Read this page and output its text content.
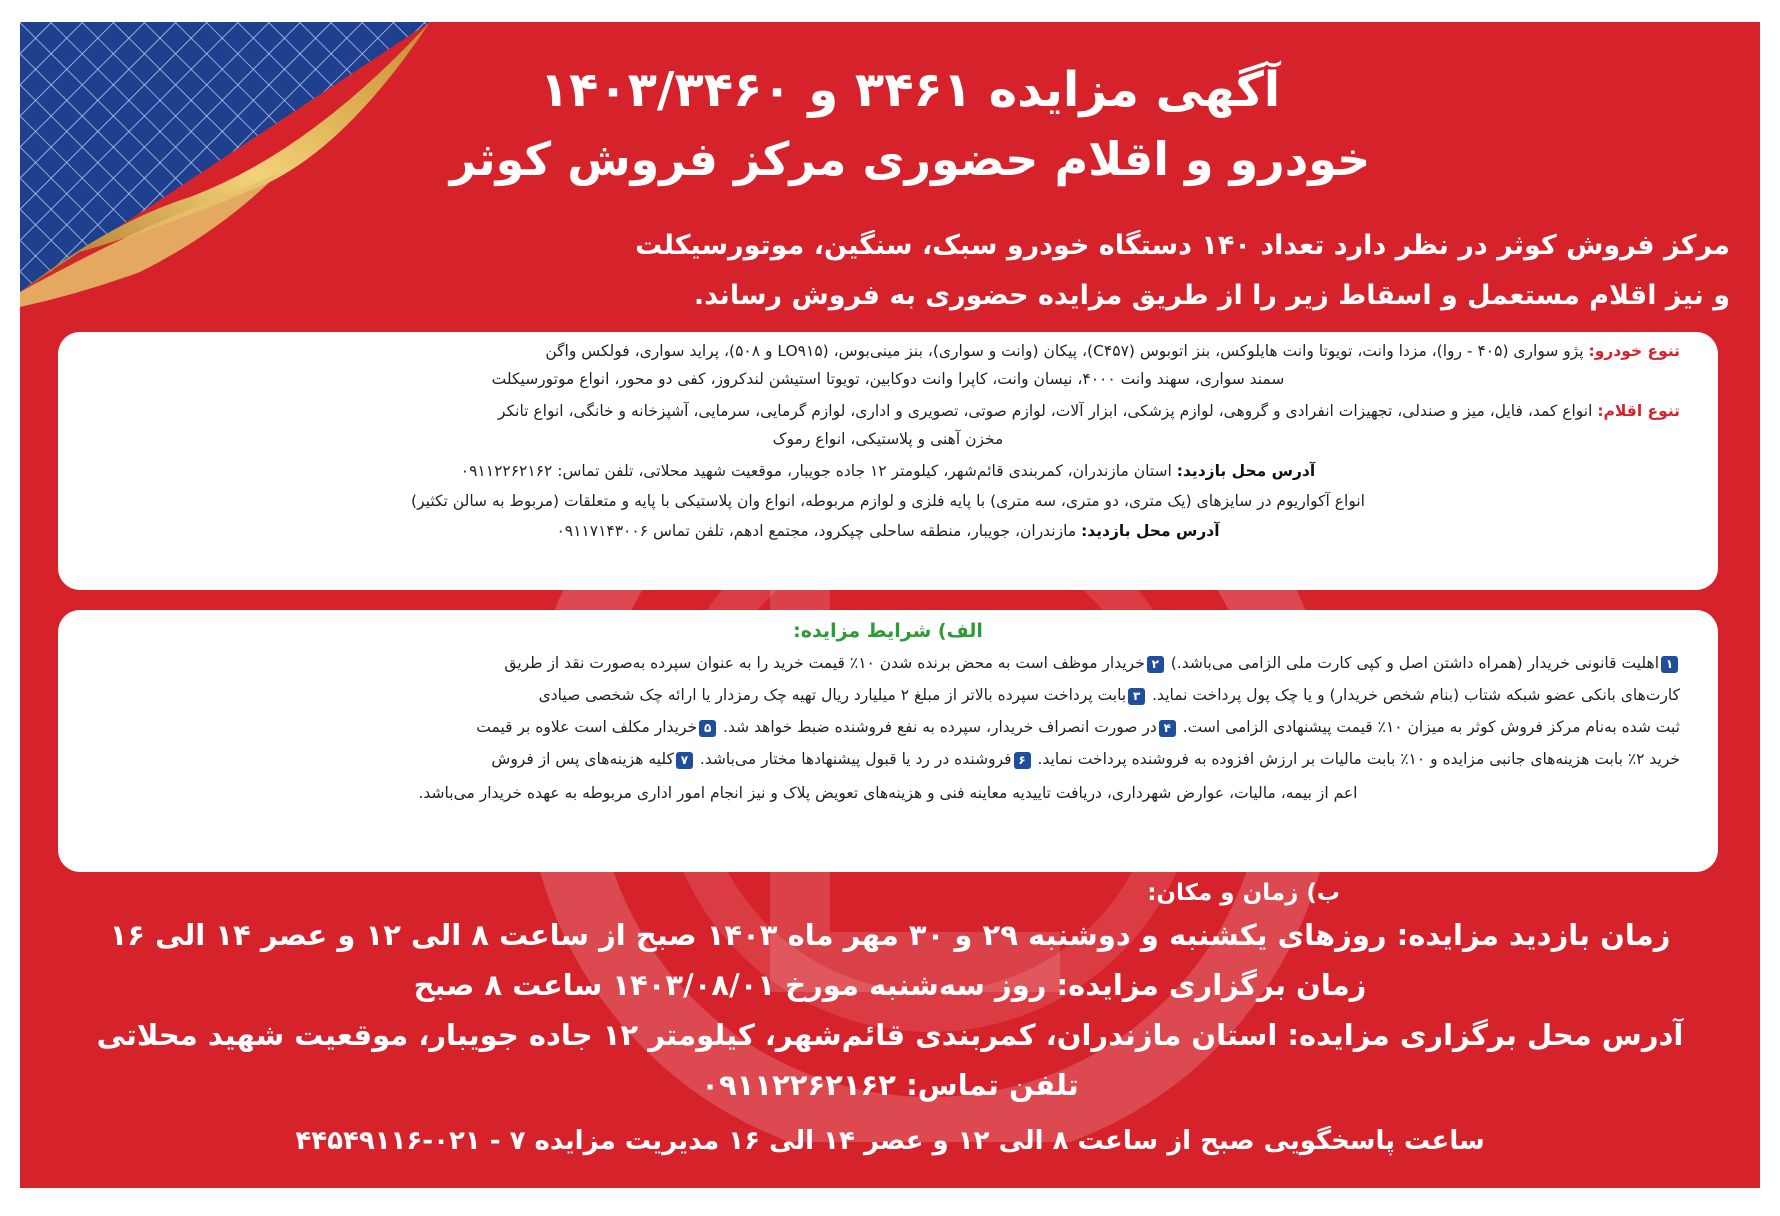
آگهی مزایده ۳۴۶۱ و ۱۴۰۳/۳۴۶۰
خودرو و اقلام حضوری مرکز فروش کوثر
مرکز فروش کوثر در نظر دارد تعداد ۱۴۰ دستگاه خودرو سبک، سنگین، موتورسیکلت
و نیز اقلام مستعمل و اسقاط زیر را از طریق مزایده حضوری به فروش رساند.
تنوع خودرو: پژو سواری (۴۰۵ - روا)، مزدا وانت، تویوتا وانت هایلوکس، بنز اتوبوس (C۴۵۷)، پیکان (وانت و سواری)، بنز مینی‌بوس، (LO۹۱۵ و ۵۰۸)، پراید سواری، فولکس واگن
سمند سواری، سهند وانت ۴۰۰۰، نیسان وانت، کاپرا وانت دوکابین، تویوتا استیشن لندکروز، کفی دو محور، انواع موتورسیکلت
تنوع اقلام: انواع کمد، فایل، میز و صندلی، تجهیزات انفرادی و گروهی، لوازم پزشکی، ابزار آلات، لوازم صوتی، تصویری و اداری، لوازم گرمایی، سرمایی، آشپزخانه و خانگی، انواع تانکر
مخزن آهنی و پلاستیکی، انواع رموک
آدرس محل بازدید: استان مازندران، کمربندی قائم‌شهر، کیلومتر ۱۲ جاده جویبار، موقعیت شهید محلاتی، تلفن تماس: ۰۹۱۱۲۲۶۲۱۶۲
انواع آکواریوم در سایزهای (یک متری، دو متری، سه متری) با پایه فلزی و لوازم مربوطه، انواع وان پلاستیکی با پایه و متعلقات (مربوط به سالن تکثیر)
آدرس محل بازدید: مازندران، جویبار، منطقه ساحلی چپکرود، مجتمع ادهم، تلفن تماس ۰۹۱۱۷۱۴۳۰۰۶
الف) شرایط مزایده:
۱اهلیت قانونی خریدار (همراه داشتن اصل و کپی کارت ملی الزامی می‌باشد.) ۲خریدار موظف است به محض برنده شدن ۱۰٪ قیمت خرید را به عنوان سپرده به‌صورت نقد از طریق
کارت‌های بانکی عضو شبکه شتاب (بنام شخص خریدار) و یا چک پول پرداخت نماید. ۳بابت پرداخت سپرده بالاتر از مبلغ ۲ میلیارد ریال تهیه چک رمزدار یا ارائه چک شخصی صیادی
ثبت شده به‌نام مرکز فروش کوثر به میزان ۱۰٪ قیمت پیشنهادی الزامی است. ۴در صورت انصراف خریدار، سپرده به نفع فروشنده ضبط خواهد شد. ۵خریدار مکلف است علاوه بر قیمت
خرید ۲٪ بابت هزینه‌های جانبی مزایده و ۱۰٪ بابت مالیات بر ارزش افزوده به فروشنده پرداخت نماید. ۶فروشنده در رد یا قبول پیشنهادها مختار می‌باشد. ۷کلیه هزینه‌های پس از فروش
اعم از بیمه، مالیات، عوارض شهرداری، دریافت تاییدیه معاینه فنی و هزینه‌های تعویض پلاک و نیز انجام امور اداری مربوطه به عهده خریدار می‌باشد.
ب) زمان و مکان:
زمان بازدید مزایده: روزهای یکشنبه و دوشنبه ۲۹ و ۳۰ مهر ماه ۱۴۰۳ صبح از ساعت ۸ الی ۱۲ و عصر ۱۴ الی ۱۶
زمان برگزاری مزایده: روز سه‌شنبه مورخ ۱۴۰۳/۰۸/۰۱ ساعت ۸ صبح
آدرس محل برگزاری مزایده: استان مازندران، کمربندی قائم‌شهر، کیلومتر ۱۲ جاده جویبار، موقعیت شهید محلاتی
تلفن تماس: ۰۹۱۱۲۲۶۲۱۶۲
ساعت پاسخگویی صبح از ساعت ۸ الی ۱۲ و عصر ۱۴ الی ۱۶ مدیریت مزایده ۷ - ۰۲۱-۴۴۵۴۹۱۱۶
